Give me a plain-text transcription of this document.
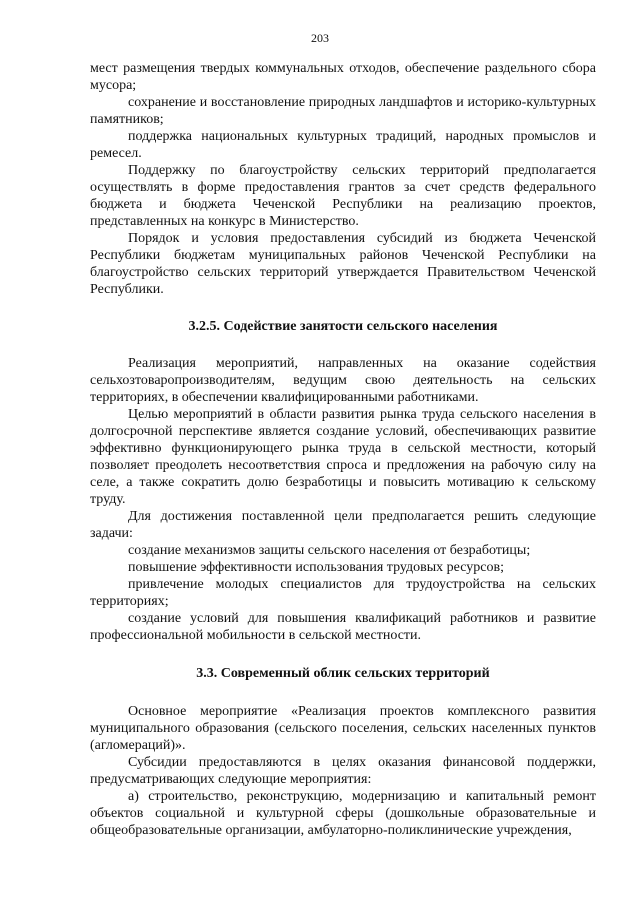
203

мест размещения твердых коммунальных отходов, обеспечение раздельного сбора мусора;

сохранение и восстановление природных ландшафтов и историко-культурных памятников;

поддержка национальных культурных традиций, народных промыслов и ремесел.

Поддержку по благоустройству сельских территорий предполагается осуществлять в форме предоставления грантов за счет средств федерального бюджета и бюджета Чеченской Республики на реализацию проектов, представленных на конкурс в Министерство.

Порядок и условия предоставления субсидий из бюджета Чеченской Республики бюджетам муниципальных районов Чеченской Республики на благоустройство сельских территорий утверждается Правительством Чеченской Республики.

3.2.5. Содействие занятости сельского населения

Реализация мероприятий, направленных на оказание содействия сельхозтоваропроизводителям, ведущим свою деятельность на сельских территориях, в обеспечении квалифицированными работниками.

Целью мероприятий в области развития рынка труда сельского населения в долгосрочной перспективе является создание условий, обеспечивающих развитие эффективно функционирующего рынка труда в сельской местности, который позволяет преодолеть несоответствия спроса и предложения на рабочую силу на селе, а также сократить долю безработицы и повысить мотивацию к сельскому труду.

Для достижения поставленной цели предполагается решить следующие задачи:

создание механизмов защиты сельского населения от безработицы;

повышение эффективности использования трудовых ресурсов;

привлечение молодых специалистов для трудоустройства на сельских территориях;

создание условий для повышения квалификаций работников и развитие профессиональной мобильности в сельской местности.

3.3. Современный облик сельских территорий

Основное мероприятие «Реализация проектов комплексного развития муниципального образования (сельского поселения, сельских населенных пунктов (агломераций)».

Субсидии предоставляются в целях оказания финансовой поддержки, предусматривающих следующие мероприятия:

а) строительство, реконструкцию, модернизацию и капитальный ремонт объектов социальной и культурной сферы (дошкольные образовательные и общеобразовательные организации, амбулаторно-поликлинические учреждения,
